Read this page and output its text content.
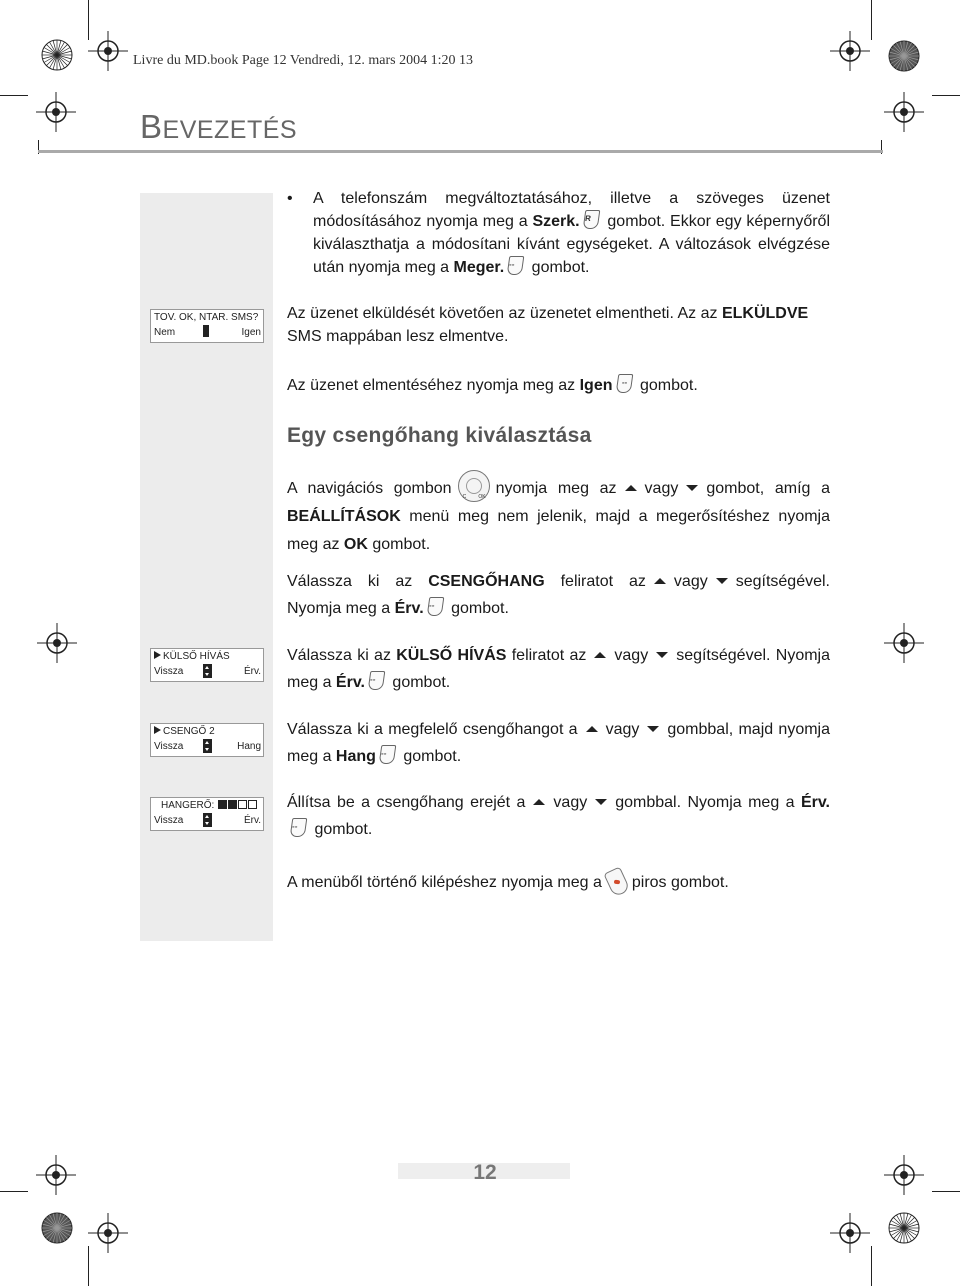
Livre du MD.book Page 12 Vendredi, 12. mars 2004 1:20 13
BEVEZETÉS
TOV. OK, NTAR. SMS?
Nem	Igen
KÜLSŐ HÍVÁS
Vissza	Érv.
CSENGŐ 2
Vissza	Hang
HANGERŐ:
Vissza	Érv.
•	A telefonszám megváltoztatásához, illetve a szöveges üzenet módosításához nyomja meg a Szerk. R gombot. Ekkor egy képernyőről kiválaszthatja a módosítani kívánt egységeket. A változások elvégzése után nyomja meg a Meger. -- gombot.

Az üzenet elküldését követően az üzenetet elmentheti. Az az ELKÜLDVE SMS mappában lesz elmentve.

Az üzenet elmentéséhez nyomja meg az Igen	-- gombot.

Egy csengőhang kiválasztása

A navigációs gombon C OK nyomja meg az vagy gombot, amíg a BEÁLLÍTÁSOK menü meg nem jelenik, majd a megerősítéshez nyomja meg az OK gombot.

Válassza ki az CSENGŐHANG feliratot az vagy segítségével. Nyomja meg a Érv. -- gombot.

Válassza ki az KÜLSŐ HÍVÁS feliratot az vagy segítségével. Nyomja meg a Érv. -- gombot.

Válassza ki a megfelelő csengőhangot a vagy gombbal, majd nyomja meg a Hang -- gombot.

Állítsa be a csengőhang erejét a vagy gombbal. Nyomja meg a Érv.
-- gombot.

A menüből történő kilépéshez nyomja meg a piros gombot.

12
